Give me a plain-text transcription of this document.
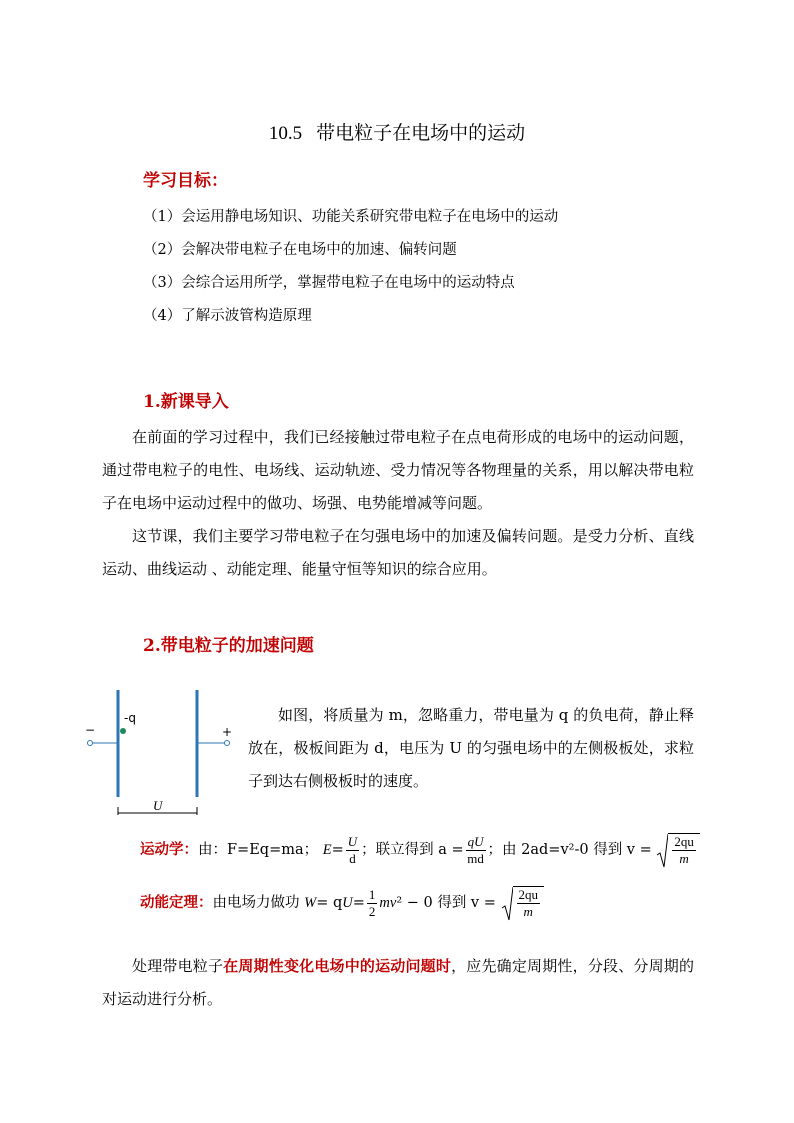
10.5 带电粒子在电场中的运动
学习目标：
（1）会运用静电场知识、功能关系研究带电粒子在电场中的运动
（2）会解决带电粒子在电场中的加速、偏转问题
（3）会综合运用所学，掌握带电粒子在电场中的运动特点
（4）了解示波管构造原理
1.新课导入
在前面的学习过程中，我们已经接触过带电粒子在点电荷形成的电场中的运动问题，通过带电粒子的电性、电场线、运动轨迹、受力情况等各物理量的关系，用以解决带电粒子在电场中运动过程中的做功、场强、电势能增减等问题。
这节课，我们主要学习带电粒子在匀强电场中的加速及偏转问题。是受力分析、直线运动、曲线运动 、动能定理、能量守恒等知识的综合应用。
2.带电粒子的加速问题
−	+
-q
U
如图，将质量为 m，忽略重力，带电量为 q 的负电荷，静止释放在，极板间距为 d，电压为 U 的匀强电场中的左侧极板处，求粒子到达右侧极板时的速度。
运动学：由：F=Eq=ma； $E= \frac{U}{d}$ ；联立得到 $a = \frac{qU}{md}$ ；由 2ad=v²-0 得到 $v = \frac{2qu}{m}$
动能定理：由电场力做功 $W= qU= \frac{1}{2} mv^2 - 0$ 得到 $v = \frac{2qu}{m}$
处理带电粒子在周期性变化电场中的运动问题时，应先确定周期性，分段、分周期的对运动进行分析。
